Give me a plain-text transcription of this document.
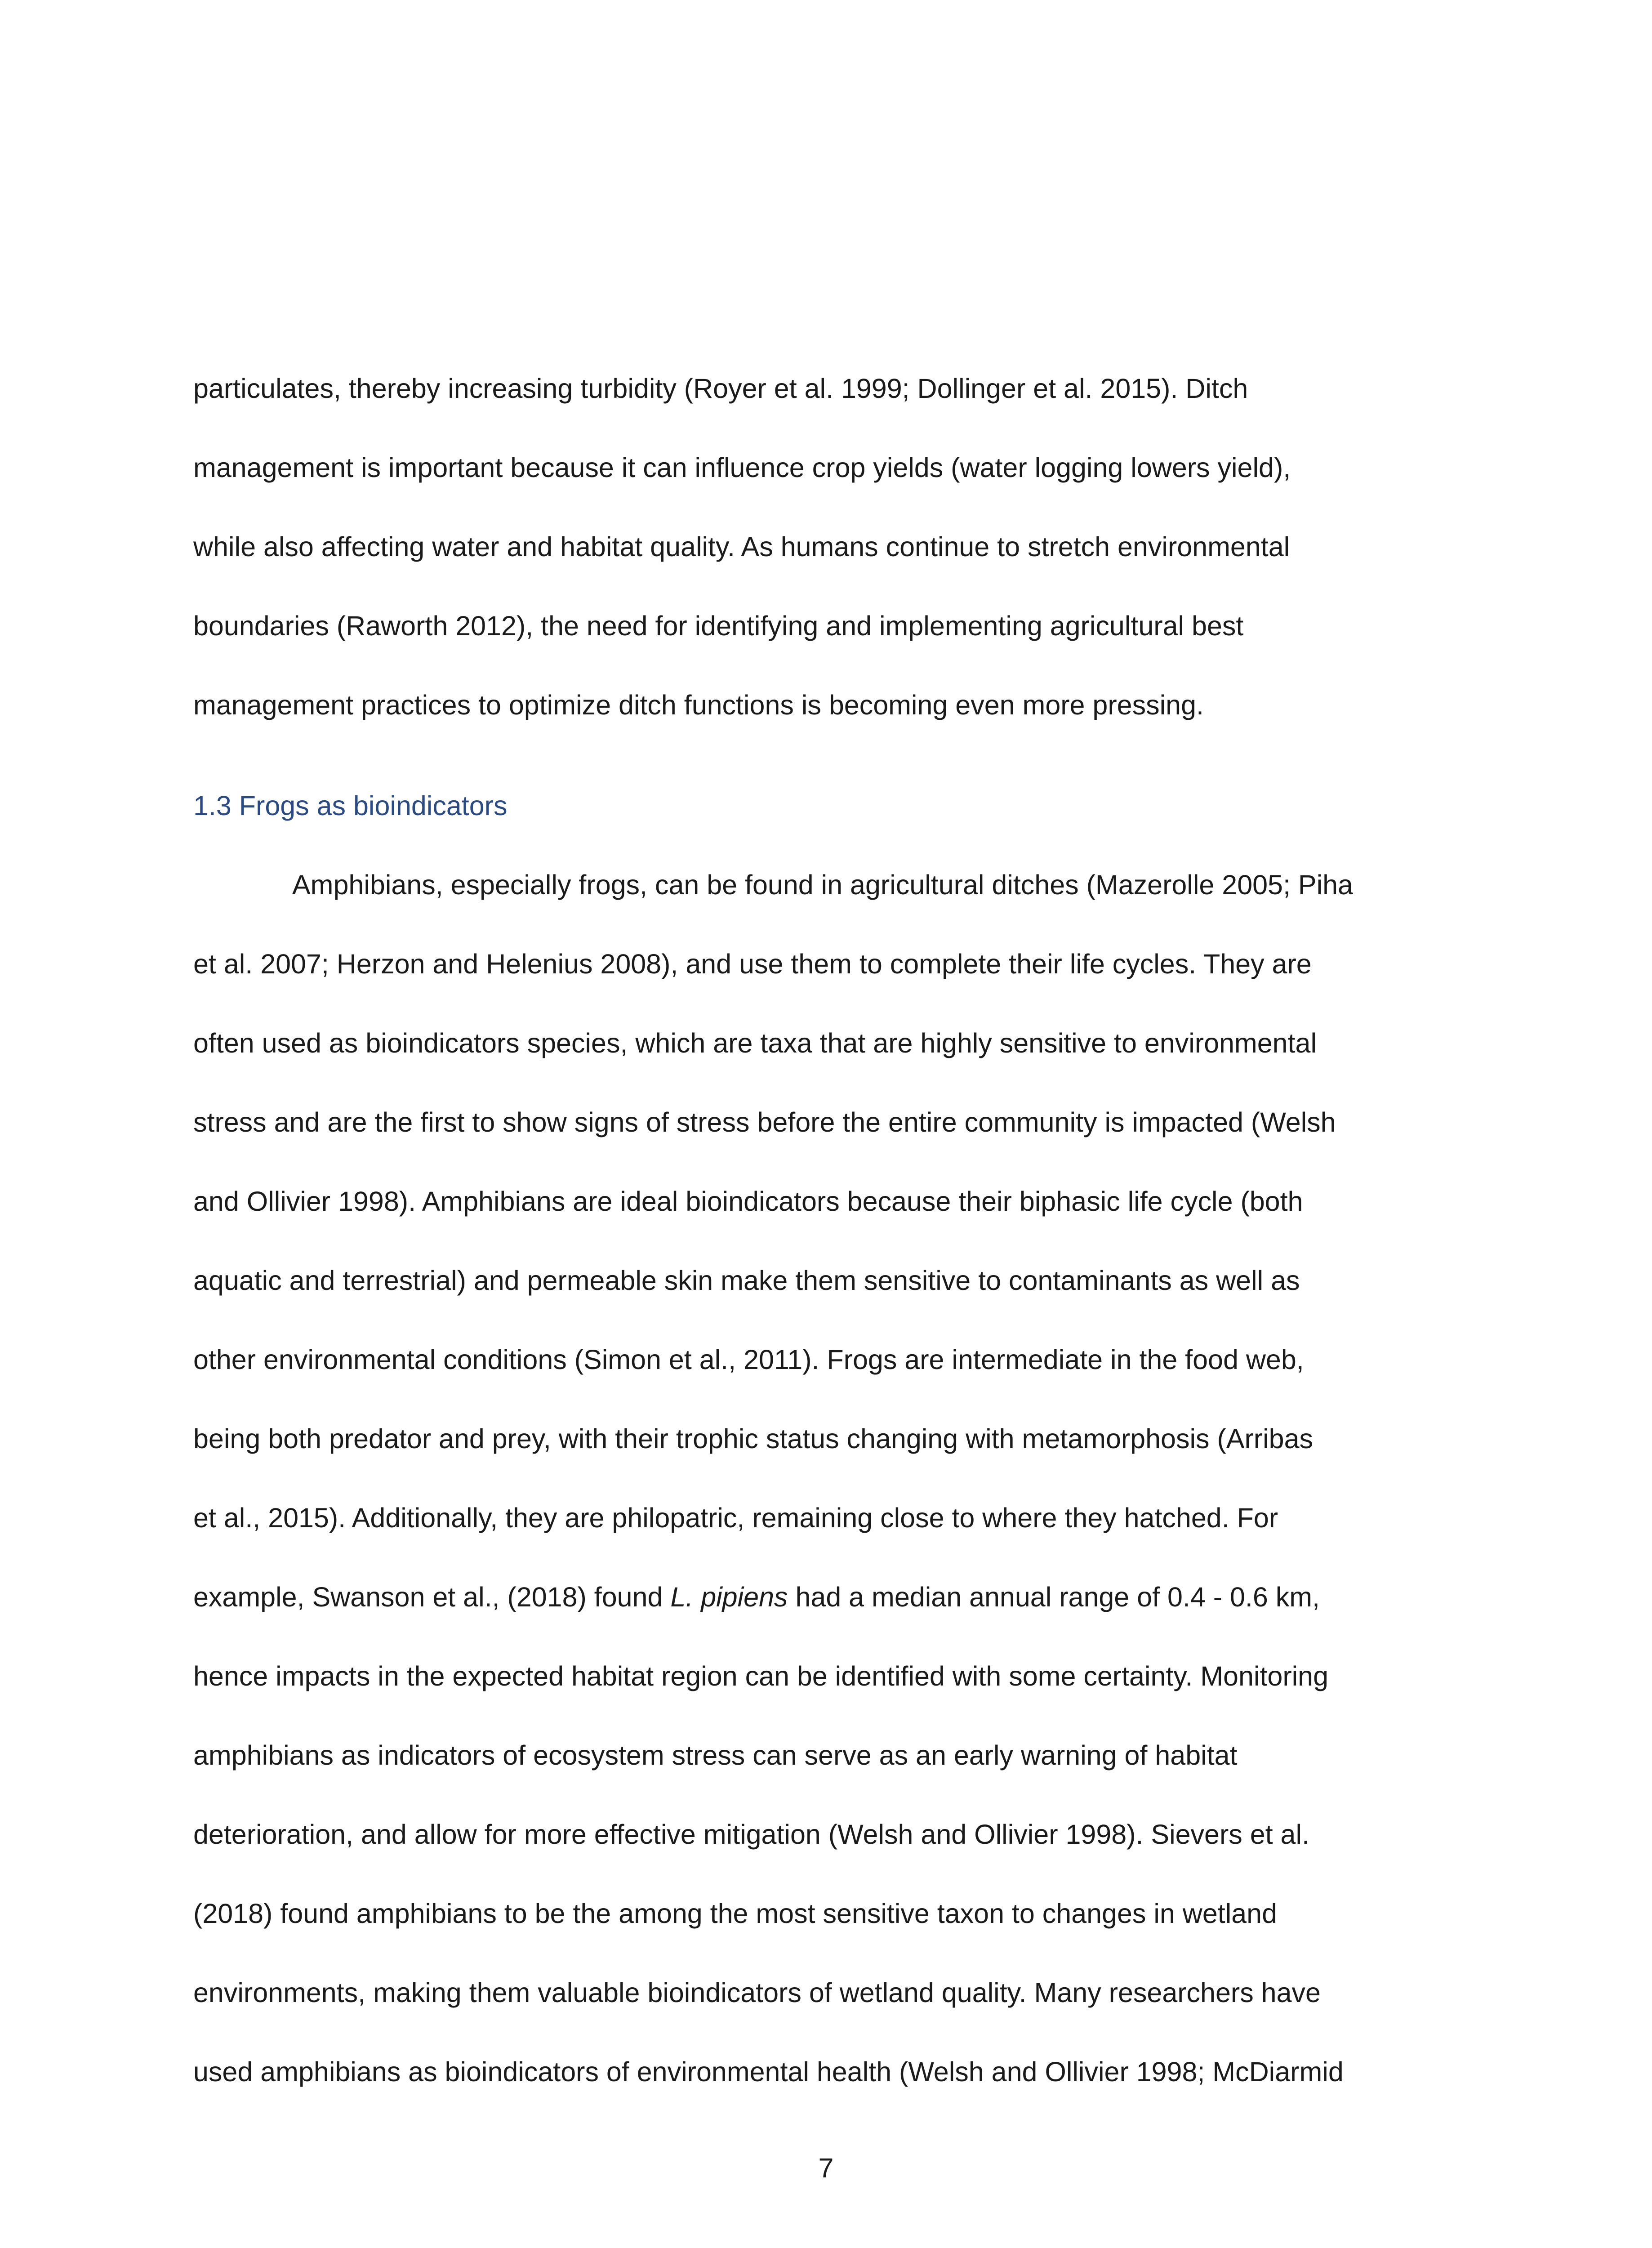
particulates, thereby increasing turbidity (Royer et al. 1999; Dollinger et al. 2015). Ditch
management is important because it can influence crop yields (water logging lowers yield),
while also affecting water and habitat quality. As humans continue to stretch environmental
boundaries (Raworth 2012), the need for identifying and implementing agricultural best
management practices to optimize ditch functions is becoming even more pressing.
1.3 Frogs as bioindicators
Amphibians, especially frogs, can be found in agricultural ditches (Mazerolle 2005; Piha
et al. 2007; Herzon and Helenius 2008), and use them to complete their life cycles. They are
often used as bioindicators species, which are taxa that are highly sensitive to environmental
stress and are the first to show signs of stress before the entire community is impacted (Welsh
and Ollivier 1998). Amphibians are ideal bioindicators because their biphasic life cycle (both
aquatic and terrestrial) and permeable skin make them sensitive to contaminants as well as
other environmental conditions (Simon et al., 2011). Frogs are intermediate in the food web,
being both predator and prey, with their trophic status changing with metamorphosis (Arribas
et al., 2015). Additionally, they are philopatric, remaining close to where they hatched. For
example, Swanson et al., (2018) found L. pipiens had a median annual range of 0.4 - 0.6 km,
hence impacts in the expected habitat region can be identified with some certainty. Monitoring
amphibians as indicators of ecosystem stress can serve as an early warning of habitat
deterioration, and allow for more effective mitigation (Welsh and Ollivier 1998). Sievers et al.
(2018) found amphibians to be the among the most sensitive taxon to changes in wetland
environments, making them valuable bioindicators of wetland quality. Many researchers have
used amphibians as bioindicators of environmental health (Welsh and Ollivier 1998; McDiarmid
7
